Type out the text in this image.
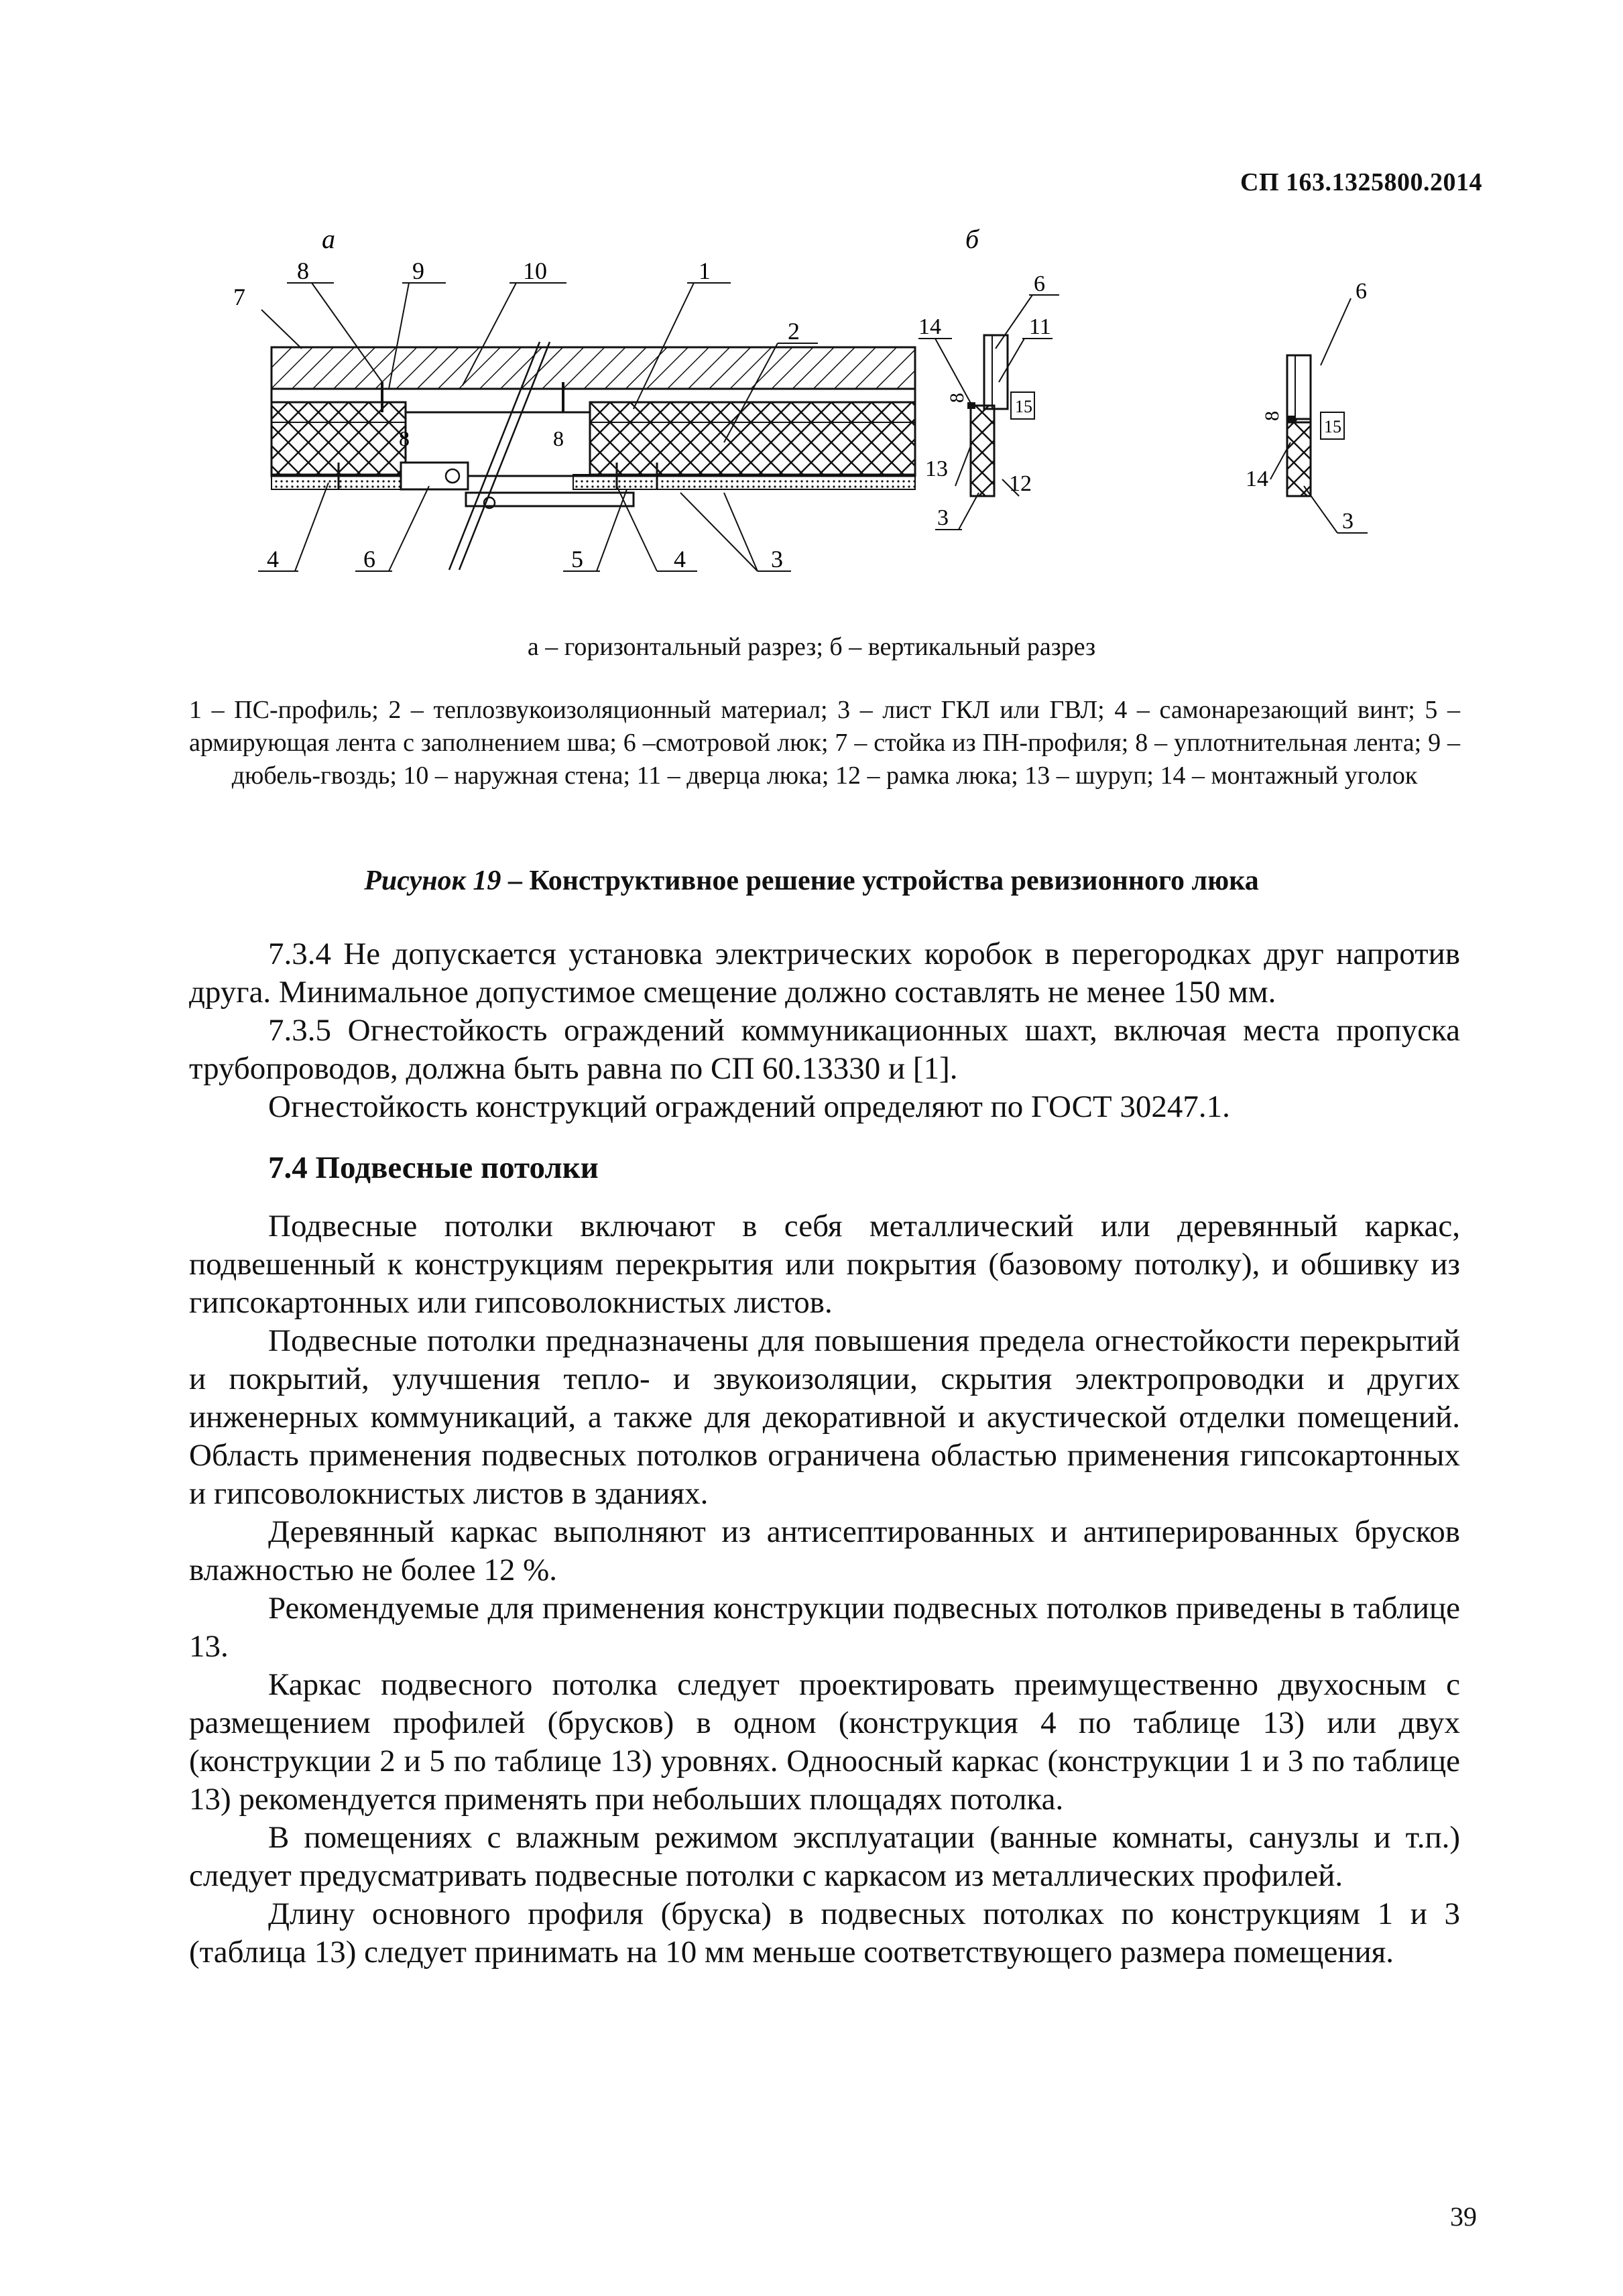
СП 163.1325800.2014
а	б
7
8	9	10	1
2
8	8
4	6	5	4	3
14
6
11
8	15
13
12
3
6
8
15
14
3
а – горизонтальный разрез; б – вертикальный разрез

1 – ПС-профиль; 2 – теплозвукоизоляционный материал; 3 – лист ГКЛ или ГВЛ; 4 – самонарезающий винт; 5 – армирующая лента с заполнением шва; 6 –смотровой люк; 7 – стойка из ПН-профиля; 8 – уплотнительная лента; 9 – дюбель-гвоздь; 10 – наружная стена; 11 – дверца люка; 12 – рамка люка; 13 – шуруп; 14 – монтажный уголок

Рисунок 19 – Конструктивное решение устройства ревизионного люка

7.3.4 Не допускается установка электрических коробок в перегородках друг напротив друга. Минимальное допустимое смещение должно составлять не менее 150 мм.

7.3.5 Огнестойкость ограждений коммуникационных шахт, включая места пропуска трубопроводов, должна быть равна по СП 60.13330 и [1].

Огнестойкость конструкций ограждений определяют по ГОСТ 30247.1.

7.4 Подвесные потолки

Подвесные потолки включают в себя металлический или деревянный каркас, подвешенный к конструкциям перекрытия или покрытия (базовому потолку), и обшивку из гипсокартонных или гипсоволокнистых листов.

Подвесные потолки предназначены для повышения предела огнестойкости перекрытий и покрытий, улучшения тепло- и звукоизоляции, скрытия электропроводки и других инженерных коммуникаций, а также для декоративной и акустической отделки помещений. Область применения подвесных потолков ограничена областью применения гипсокартонных и гипсоволокнистых листов в зданиях.

Деревянный каркас выполняют из антисептированных и антиперированных брусков влажностью не более 12 %.

Рекомендуемые для применения конструкции подвесных потолков приведены в таблице 13.

Каркас подвесного потолка следует проектировать преимущественно двухосным с размещением профилей (брусков) в одном (конструкция 4 по таблице 13) или двух (конструкции 2 и 5 по таблице 13) уровнях. Одноосный каркас (конструкции 1 и 3 по таблице 13) рекомендуется применять при небольших площадях потолка.

В помещениях с влажным режимом эксплуатации (ванные комнаты, санузлы и т.п.) следует предусматривать подвесные потолки с каркасом из металлических профилей.

Длину основного профиля (бруска) в подвесных потолках по конструкциям 1 и 3 (таблица 13) следует принимать на 10 мм меньше соответствующего размера помещения.

39
